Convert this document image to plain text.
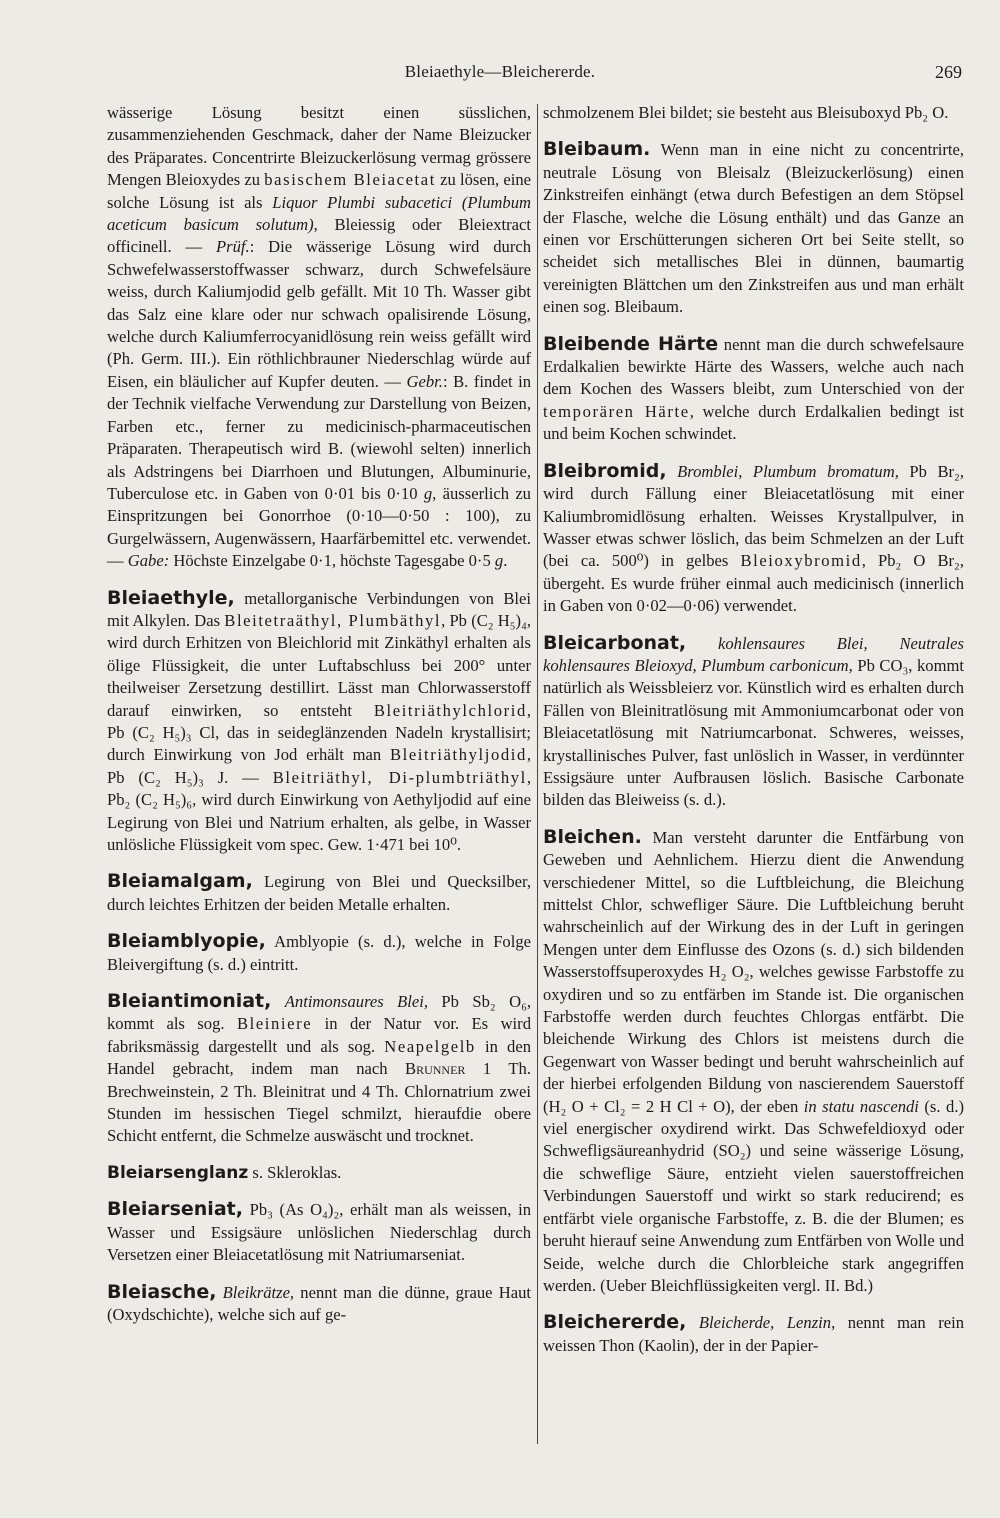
Bleiaethyle—Bleichererde.	269

wässerige Lösung besitzt einen süsslichen, zusammenziehenden Geschmack, daher der Name Bleizucker des Präparates. Concentrirte Bleizuckerlösung vermag grössere Mengen Bleioxydes zu basischem Bleiacetat zu lösen, eine solche Lösung ist als Liquor Plumbi subacetici (Plumbum aceticum basicum solutum), Bleiessig oder Bleiextract officinell. — Prüf.: Die wässerige Lösung wird durch Schwefelwasserstoffwasser schwarz, durch Schwefelsäure weiss, durch Kaliumjodid gelb gefällt. Mit 10 Th. Wasser gibt das Salz eine klare oder nur schwach opalisirende Lösung, welche durch Kaliumferrocyanidlösung rein weiss gefällt wird (Ph. Germ. III.). Ein röthlichbrauner Niederschlag würde auf Eisen, ein bläulicher auf Kupfer deuten. — Gebr.: B. findet in der Technik vielfache Verwendung zur Darstellung von Beizen, Farben etc., ferner zu medicinisch-pharmaceutischen Präparaten. Therapeutisch wird B. (wiewohl selten) innerlich als Adstringens bei Diarrhoen und Blutungen, Albuminurie, Tuberculose etc. in Gaben von 0·01 bis 0·10 g, äusserlich zu Einspritzungen bei Gonorrhoe (0·10—0·50 : 100), zu Gurgelwässern, Augenwässern, Haarfärbemittel etc. verwendet. — Gabe: Höchste Einzelgabe 0·1, höchste Tagesgabe 0·5 g.

Bleiaethyle, metallorganische Verbindungen von Blei mit Alkylen. Das Bleitetraäthyl, Plumbäthyl, Pb (C₂ H₅)₄, wird durch Erhitzen von Bleichlorid mit Zinkäthyl erhalten als ölige Flüssigkeit, die unter Luftabschluss bei 200° unter theilweiser Zersetzung destillirt. Lässt man Chlorwasserstoff darauf einwirken, so entsteht Bleitriäthylchlorid, Pb (C₂ H₅)₃ Cl, das in seideglänzenden Nadeln krystallisirt; durch Einwirkung von Jod erhält man Bleitriäthyljodid, Pb (C₂ H₅)₃ J. — Bleitriäthyl, Di-plumbtriäthyl, Pb₂ (C₂ H₅)₆, wird durch Einwirkung von Aethyljodid auf eine Legirung von Blei und Natrium erhalten, als gelbe, in Wasser unlösliche Flüssigkeit vom spec. Gew. 1·471 bei 10⁰.

Bleiamalgam, Legirung von Blei und Quecksilber, durch leichtes Erhitzen der beiden Metalle erhalten.

Bleiamblyopie, Amblyopie (s. d.), welche in Folge Bleivergiftung (s. d.) eintritt.

Bleiantimoniat, Antimonsaures Blei, Pb Sb₂ O₆, kommt als sog. Bleiniere in der Natur vor. Es wird fabriksmässig dargestellt und als sog. Neapelgelb in den Handel gebracht, indem man nach Brunner 1 Th. Brechweinstein, 2 Th. Bleinitrat und 4 Th. Chlornatrium zwei Stunden im hessischen Tiegel schmilzt, hieraufdie obere Schicht entfernt, die Schmelze auswäscht und trocknet.

Bleiarsenglanz s. Skleroklas.

Bleiarseniat, Pb₃ (As O₄)₂, erhält man als weissen, in Wasser und Essigsäure unlöslichen Niederschlag durch Versetzen einer Bleiacetatlösung mit Natriumarseniat.

Bleiasche, Bleikrätze, nennt man die dünne, graue Haut (Oxydschichte), welche sich auf ge-

schmolzenem Blei bildet; sie besteht aus Bleisuboxyd Pb₂ O.

Bleibaum. Wenn man in eine nicht zu concentrirte, neutrale Lösung von Bleisalz (Bleizuckerlösung) einen Zinkstreifen einhängt (etwa durch Befestigen an dem Stöpsel der Flasche, welche die Lösung enthält) und das Ganze an einen vor Erschütterungen sicheren Ort bei Seite stellt, so scheidet sich metallisches Blei in dünnen, baumartig vereinigten Blättchen um den Zinkstreifen aus und man erhält einen sog. Bleibaum.

Bleibende Härte nennt man die durch schwefelsaure Erdalkalien bewirkte Härte des Wassers, welche auch nach dem Kochen des Wassers bleibt, zum Unterschied von der temporären Härte, welche durch Erdalkalien bedingt ist und beim Kochen schwindet.

Bleibromid, Bromblei, Plumbum bromatum, Pb Br₂, wird durch Fällung einer Bleiacetatlösung mit einer Kaliumbromidlösung erhalten. Weisses Krystallpulver, in Wasser etwas schwer löslich, das beim Schmelzen an der Luft (bei ca. 500⁰) in gelbes Bleioxybromid, Pb₂ O Br₂, übergeht. Es wurde früher einmal auch medicinisch (innerlich in Gaben von 0·02—0·06) verwendet.

Bleicarbonat, kohlensaures Blei, Neutrales kohlensaures Bleioxyd, Plumbum carbonicum, Pb CO₃, kommt natürlich als Weissbleierz vor. Künstlich wird es erhalten durch Fällen von Bleinitratlösung mit Ammoniumcarbonat oder von Bleiacetatlösung mit Natriumcarbonat. Schweres, weisses, krystallinisches Pulver, fast unlöslich in Wasser, in verdünnter Essigsäure unter Aufbrausen löslich. Basische Carbonate bilden das Bleiweiss (s. d.).

Bleichen. Man versteht darunter die Entfärbung von Geweben und Aehnlichem. Hierzu dient die Anwendung verschiedener Mittel, so die Luftbleichung, die Bleichung mittelst Chlor, schwefliger Säure. Die Luftbleichung beruht wahrscheinlich auf der Wirkung des in der Luft in geringen Mengen unter dem Einflusse des Ozons (s. d.) sich bildenden Wasserstoffsuperoxydes H₂ O₂, welches gewisse Farbstoffe zu oxydiren und so zu entfärben im Stande ist. Die organischen Farbstoffe werden durch feuchtes Chlorgas entfärbt. Die bleichende Wirkung des Chlors ist meistens durch die Gegenwart von Wasser bedingt und beruht wahrscheinlich auf der hierbei erfolgenden Bildung von nascierendem Sauerstoff (H₂ O + Cl₂ = 2 H Cl + O), der eben in statu nascendi (s. d.) viel energischer oxydirend wirkt. Das Schwefeldioxyd oder Schwefligsäureanhydrid (SO₂) und seine wässerige Lösung, die schweflige Säure, entzieht vielen sauerstoffreichen Verbindungen Sauerstoff und wirkt so stark reducirend; es entfärbt viele organische Farbstoffe, z. B. die der Blumen; es beruht hierauf seine Anwendung zum Entfärben von Wolle und Seide, welche durch die Chlorbleiche stark angegriffen werden. (Ueber Bleichflüssigkeiten vergl. II. Bd.)

Bleichererde, Bleicherde, Lenzin, nennt man rein weissen Thon (Kaolin), der in der Papier-
